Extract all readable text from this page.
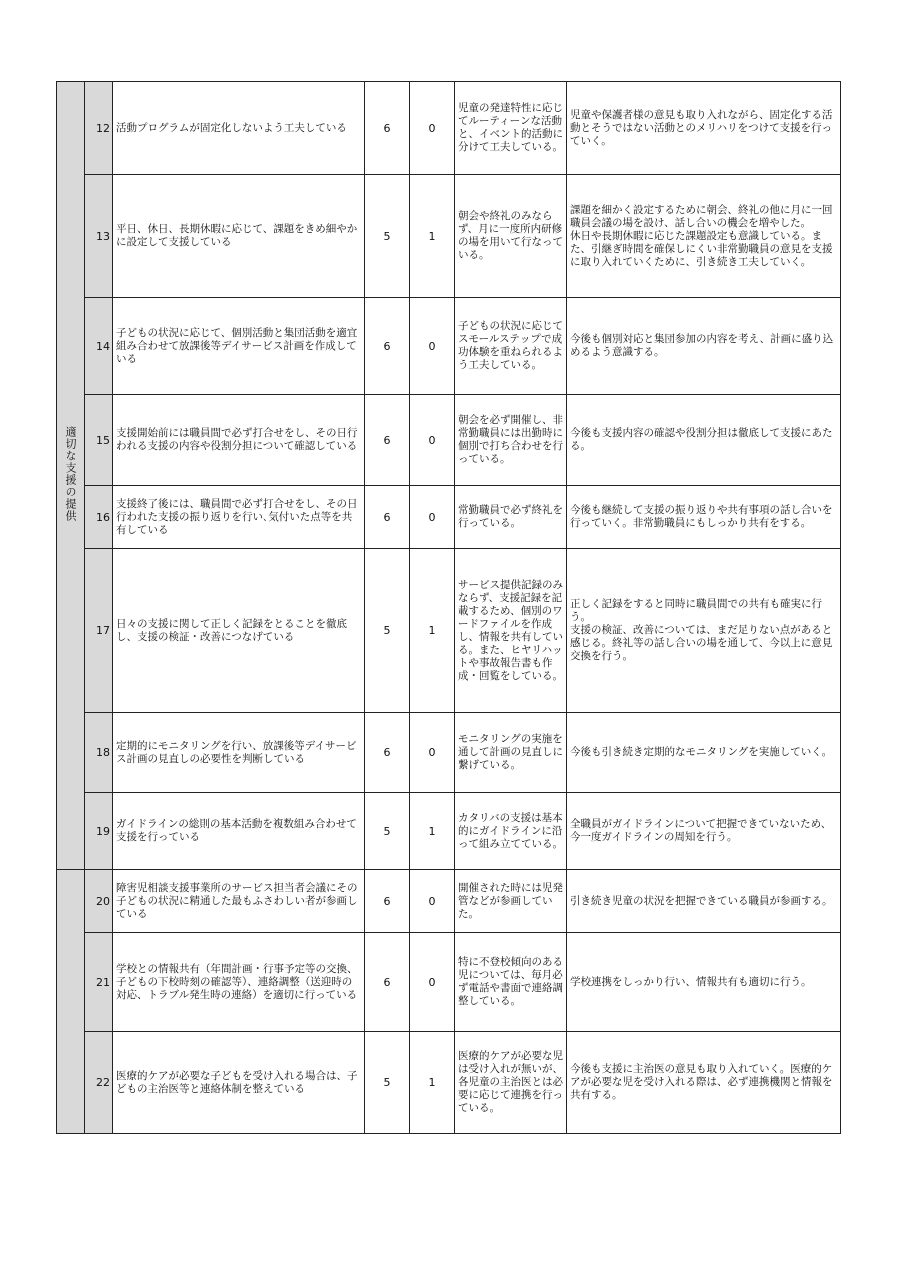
適切な支援の提供	12	活動プログラムが固定化しないよう工夫している	6	0	児童の発達特性に応じてルーティーンな活動と、イベント的活動に分けて工夫している。	児童や保護者様の意見も取り入れながら、固定化する活動とそうではない活動とのメリハリをつけて支援を行っていく。
	13	平日、休日、長期休暇に応じて、課題をきめ細やかに設定して支援している	5	1	朝会や終礼のみならず、月に一度所内研修の場を用いて行なっている。	課題を細かく設定するために朝会、終礼の他に月に一回職員会議の場を設け、話し合いの機会を増やした。
休日や長期休暇に応じた課題設定も意識している。また、引継ぎ時間を確保しにくい非常勤職員の意見を支援に取り入れていくために、引き続き工夫していく。
	14	子どもの状況に応じて、個別活動と集団活動を適宜組み合わせて放課後等デイサービス計画を作成している	6	0	子どもの状況に応じてスモールステップで成功体験を重ねられるよう工夫している。	今後も個別対応と集団参加の内容を考え、計画に盛り込めるよう意識する。
	15	支援開始前には職員間で必ず打合せをし、その日行われる支援の内容や役割分担について確認している	6	0	朝会を必ず開催し、非常勤職員には出勤時に個別で打ち合わせを行っている。	今後も支援内容の確認や役割分担は徹底して支援にあたる。
	16	支援終了後には、職員間で必ず打合せをし、その日行われた支援の振り返りを行い､気付いた点等を共有している	6	0	常勤職員で必ず終礼を行っている。	今後も継続して支援の振り返りや共有事項の話し合いを行っていく。非常勤職員にもしっかり共有をする。
	17	日々の支援に関して正しく記録をとることを徹底し、支援の検証・改善につなげている	5	1	サービス提供記録のみならず、支援記録を記載するため、個別のワードファイルを作成し、情報を共有している。また、ヒヤリハットや事故報告書も作成・回覧をしている。	正しく記録をすると同時に職員間での共有も確実に行う。
支援の検証、改善については、まだ足りない点があると感じる。終礼等の話し合いの場を通して、今以上に意見交換を行う。
	18	定期的にモニタリングを行い、放課後等デイサービス計画の見直しの必要性を判断している	6	0	モニタリングの実施を通して計画の見直しに繋げている。	今後も引き続き定期的なモニタリングを実施していく。
	19	ガイドラインの総則の基本活動を複数組み合わせて支援を行っている	5	1	カタリバの支援は基本的にガイドラインに沿って組み立てている。	全職員がガイドラインについて把握できていないため、今一度ガイドラインの周知を行う。
	20	障害児相談支援事業所のサービス担当者会議にその子どもの状況に精通した最もふさわしい者が参画している	6	0	開催された時には児発管などが参画していた。	引き続き児童の状況を把握できている職員が参画する。
	21	学校との情報共有（年間計画・行事予定等の交換、子どもの下校時刻の確認等）、連絡調整（送迎時の対応、トラブル発生時の連絡）を適切に行っている	6	0	特に不登校傾向のある児については、毎月必ず電話や書面で連絡調整している。	学校連携をしっかり行い、情報共有も適切に行う。
	22	医療的ケアが必要な子どもを受け入れる場合は、子どもの主治医等と連絡体制を整えている	5	1	医療的ケアが必要な児は受け入れが無いが、各児童の主治医とは必要に応じて連携を行っている。	今後も支援に主治医の意見も取り入れていく。医療的ケアが必要な児を受け入れる際は、必ず連携機関と情報を共有する。
